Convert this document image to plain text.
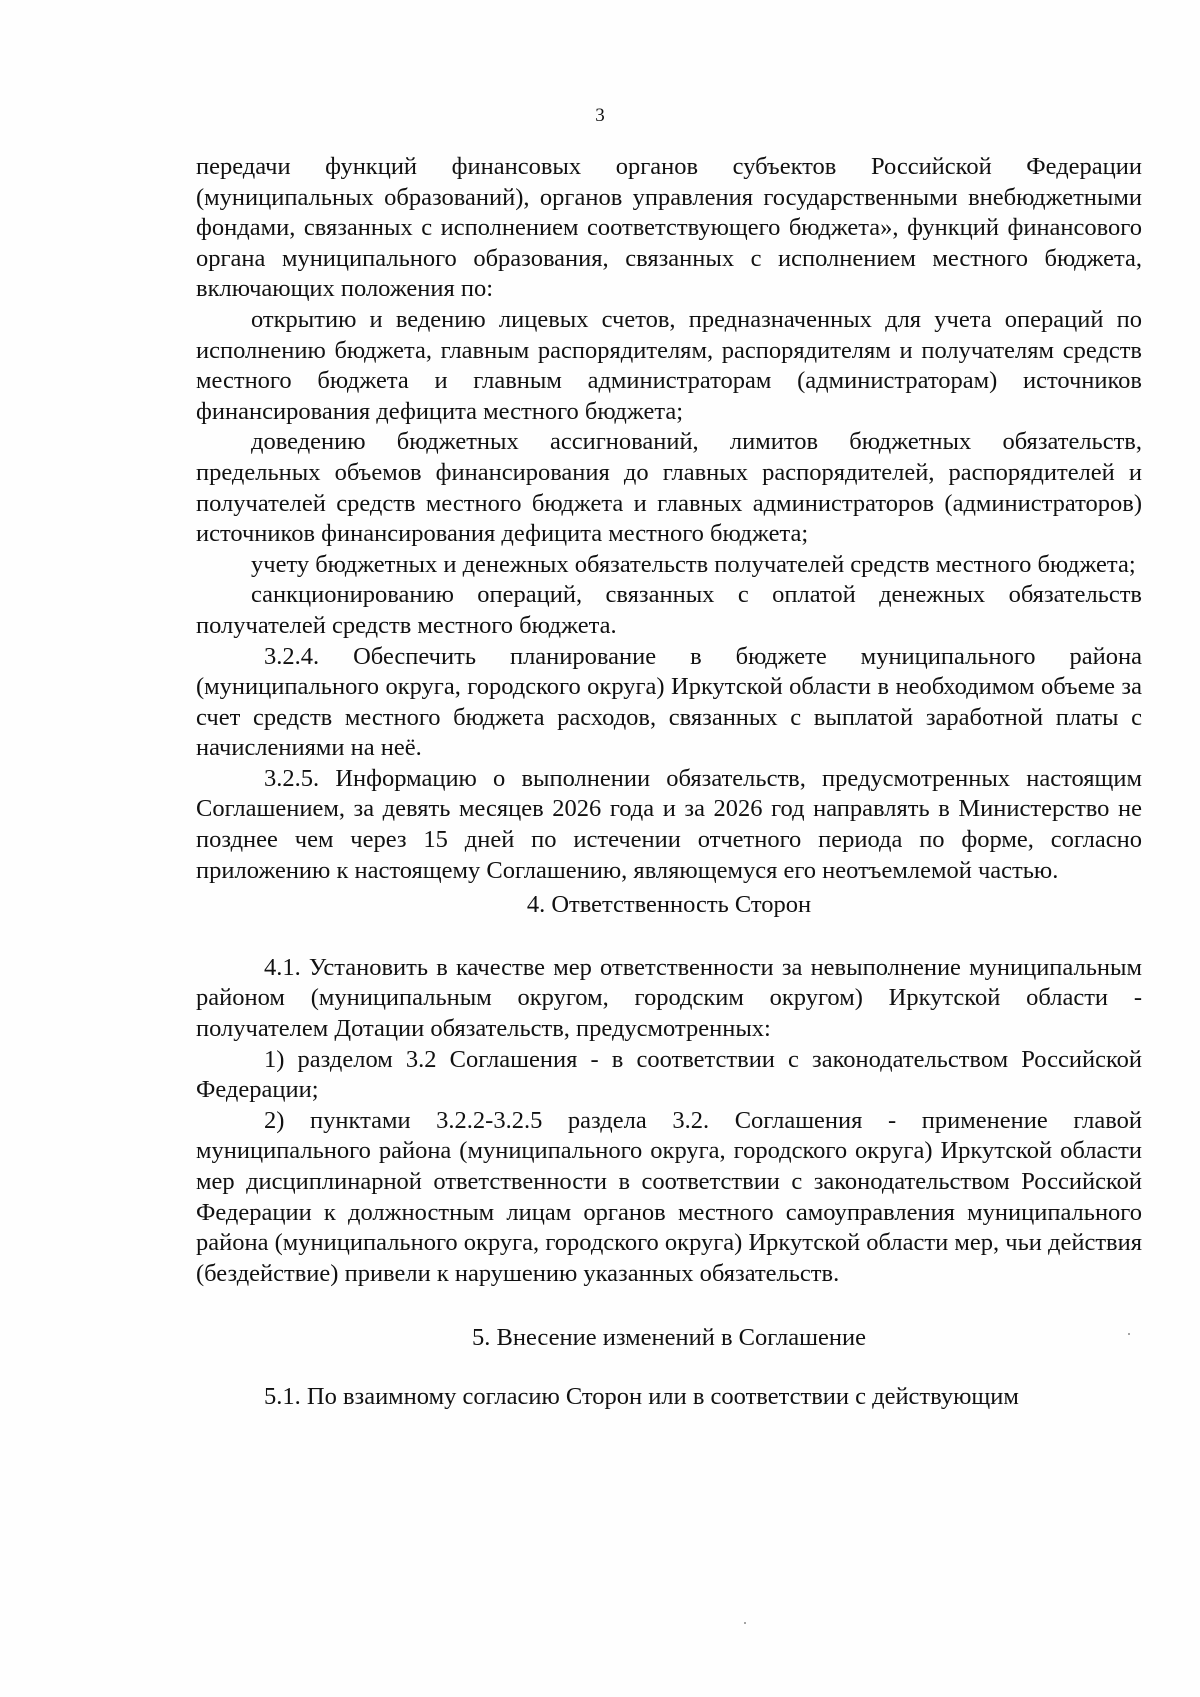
3

передачи функций финансовых органов субъектов Российской Федерации (муниципальных образований), органов управления государственными внебюджетными фондами, связанных с исполнением соответствующего бюджета», функций финансового органа муниципального образования, связанных с исполнением местного бюджета, включающих положения по:

открытию и ведению лицевых счетов, предназначенных для учета операций по исполнению бюджета, главным распорядителям, распорядителям и получателям средств местного бюджета и главным администраторам (администраторам) источников финансирования дефицита местного бюджета;

доведению бюджетных ассигнований, лимитов бюджетных обязательств, предельных объемов финансирования до главных распорядителей, распорядителей и получателей средств местного бюджета и главных администраторов (администраторов) источников финансирования дефицита местного бюджета;

учету бюджетных и денежных обязательств получателей средств местного бюджета;

санкционированию операций, связанных с оплатой денежных обязательств получателей средств местного бюджета.

3.2.4. Обеспечить планирование в бюджете муниципального района (муниципального округа, городского округа) Иркутской области в необходимом объеме за счет средств местного бюджета расходов, связанных с выплатой заработной платы с начислениями на неё.

3.2.5. Информацию о выполнении обязательств, предусмотренных настоящим Соглашением, за девять месяцев 2026 года и за 2026 год направлять в Министерство не позднее чем через 15 дней по истечении отчетного периода по форме, согласно приложению к настоящему Соглашению, являющемуся его неотъемлемой частью.

4. Ответственность Сторон

4.1. Установить в качестве мер ответственности за невыполнение муниципальным районом (муниципальным округом, городским округом) Иркутской области - получателем Дотации обязательств, предусмотренных:

1) разделом 3.2 Соглашения - в соответствии с законодательством Российской Федерации;

2) пунктами 3.2.2-3.2.5 раздела 3.2. Соглашения - применение главой муниципального района (муниципального округа, городского округа) Иркутской области мер дисциплинарной ответственности в соответствии с законодательством Российской Федерации к должностным лицам органов местного самоуправления муниципального района (муниципального округа, городского округа) Иркутской области мер, чьи действия (бездействие) привели к нарушению указанных обязательств.

5. Внесение изменений в Соглашение

5.1. По взаимному согласию Сторон или в соответствии с действующим
